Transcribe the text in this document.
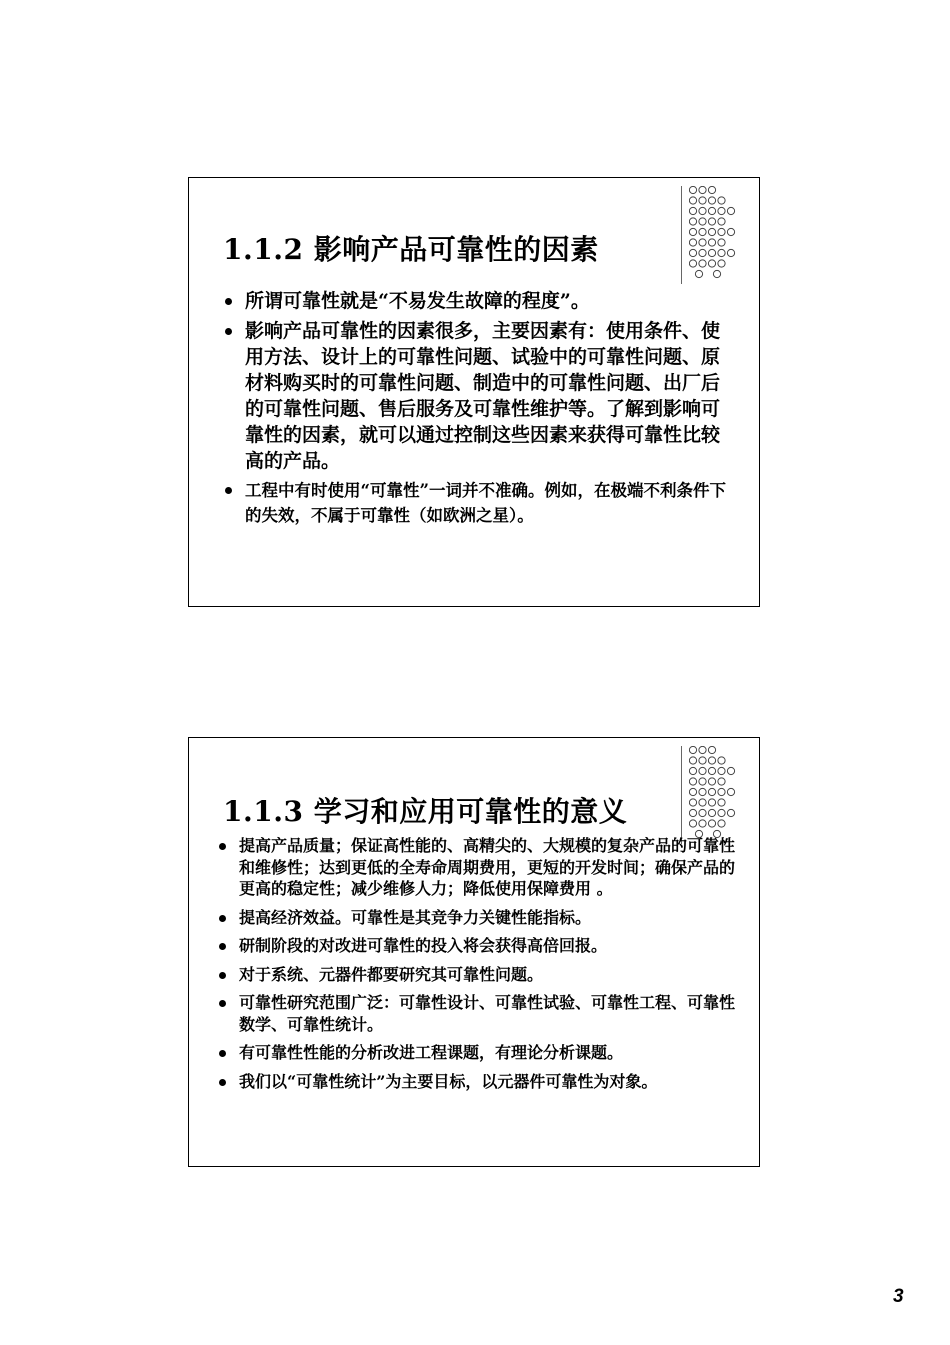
1.1.2 影响产品可靠性的因素
所谓可靠性就是“不易发生故障的程度”。
影响产品可靠性的因素很多，主要因素有：使用条件、使用方法、设计上的可靠性问题、试验中的可靠性问题、原材料购买时的可靠性问题、制造中的可靠性问题、出厂后的可靠性问题、售后服务及可靠性维护等。了解到影响可靠性的因素，就可以通过控制这些因素来获得可靠性比较高的产品。
工程中有时使用“可靠性”一词并不准确。例如，在极端不利条件下的失效，不属于可靠性（如欧洲之星）。
1.1.3 学习和应用可靠性的意义
提高产品质量；保证高性能的、高精尖的、大规模的复杂产品的可靠性和维修性；达到更低的全寿命周期费用，更短的开发时间；确保产品的更高的稳定性；减少维修人力；降低使用保障费用 。
提高经济效益。可靠性是其竞争力关键性能指标。
研制阶段的对改进可靠性的投入将会获得高倍回报。
对于系统、元器件都要研究其可靠性问题。
可靠性研究范围广泛：可靠性设计、可靠性试验、可靠性工程、可靠性数学、可靠性统计。
有可靠性性能的分析改进工程课题，有理论分析课题。
我们以“可靠性统计”为主要目标，以元器件可靠性为对象。
3
